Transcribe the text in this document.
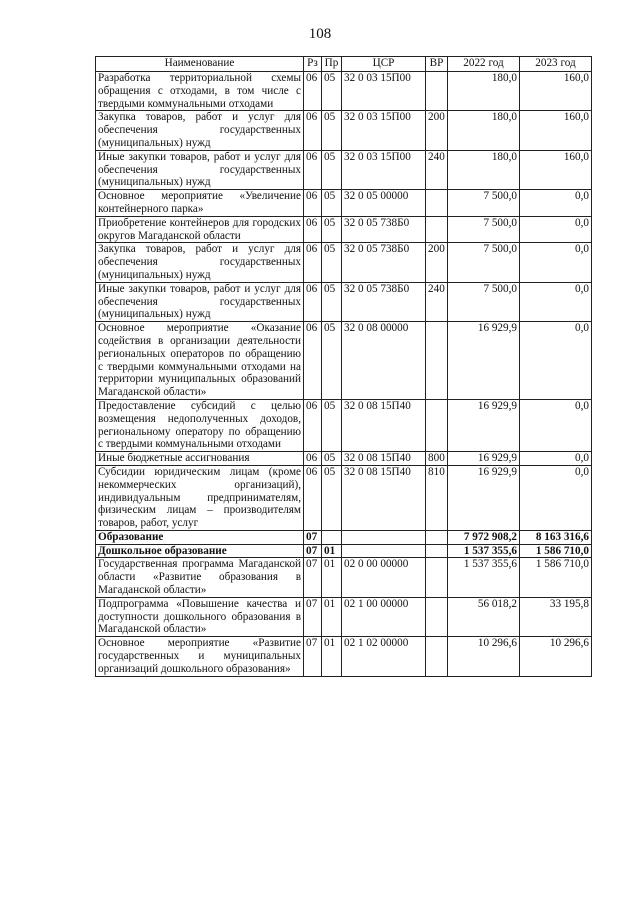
108
Наименование	Рз	Пр	ЦСР	ВР	2022 год	2023 год
Разработка территориальной схемы обращения с отходами, в том числе с твердыми коммунальными отходами	06	05	32 0 03 15П00		180,0	160,0
Закупка товаров, работ и услуг для обеспечения государственных (муниципальных) нужд	06	05	32 0 03 15П00	200	180,0	160,0
Иные закупки товаров, работ и услуг для обеспечения государственных (муниципальных) нужд	06	05	32 0 03 15П00	240	180,0	160,0
Основное мероприятие «Увеличение контейнерного парка»	06	05	32 0 05 00000		7 500,0	0,0
Приобретение контейнеров для городских округов Магаданской области	06	05	32 0 05 738Б0		7 500,0	0,0
Закупка товаров, работ и услуг для обеспечения государственных (муниципальных) нужд	06	05	32 0 05 738Б0	200	7 500,0	0,0
Иные закупки товаров, работ и услуг для обеспечения государственных (муниципальных) нужд	06	05	32 0 05 738Б0	240	7 500,0	0,0
Основное мероприятие «Оказание содействия в организации деятельности региональных операторов по обращению с твердыми коммунальными отходами на территории муниципальных образований Магаданской области»	06	05	32 0 08 00000		16 929,9	0,0
Предоставление субсидий с целью возмещения недополученных доходов, региональному оператору по обращению с твердыми коммунальными отходами	06	05	32 0 08 15П40		16 929,9	0,0
Иные бюджетные ассигнования	06	05	32 0 08 15П40	800	16 929,9	0,0
Субсидии юридическим лицам (кроме некоммерческих организаций), индивидуальным предпринимателям, физическим лицам – производителям товаров, работ, услуг	06	05	32 0 08 15П40	810	16 929,9	0,0
Образование	07				7 972 908,2	8 163 316,6
Дошкольное образование	07	01			1 537 355,6	1 586 710,0
Государственная программа Магаданской области «Развитие образования в Магаданской области»	07	01	02 0 00 00000		1 537 355,6	1 586 710,0
Подпрограмма «Повышение качества и доступности дошкольного образования в Магаданской области»	07	01	02 1 00 00000		56 018,2	33 195,8
Основное мероприятие «Развитие государственных и муниципальных организаций дошкольного образования»	07	01	02 1 02 00000		10 296,6	10 296,6
